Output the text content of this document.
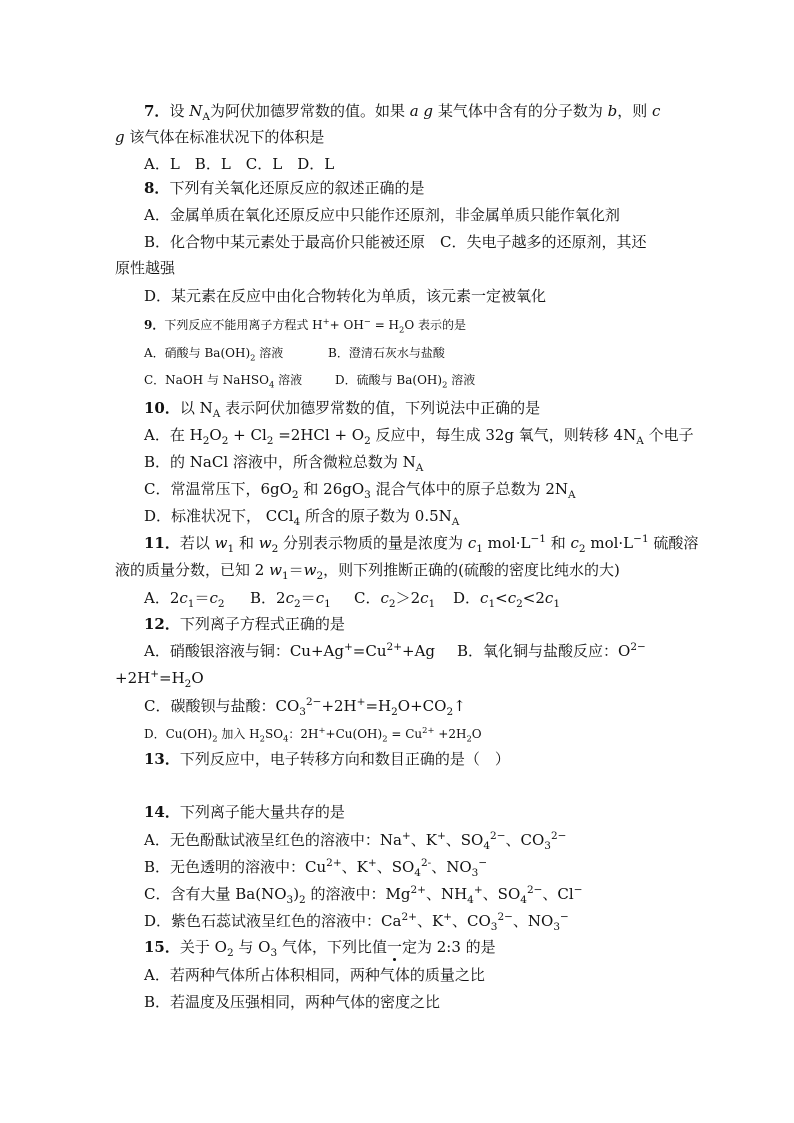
7．设 $N_A$为阿伏加德罗常数的值。如果 a g 某气体中含有的分子数为 b，则 c
g 该气体在标准状况下的体积是
A．L　B．L　C．L　D．L
8．下列有关氧化还原反应的叙述正确的是
A．金属单质在氧化还原反应中只能作还原剂，非金属单质只能作氧化剂
B．化合物中某元素处于最高价只能被还原　C．失电子越多的还原剂，其还
原性越强
D．某元素在反应中由化合物转化为单质，该元素一定被氧化
9．下列反应不能用离子方程式 $H^++ OH^- = H_2O$ 表示的是
A．硝酸与 $Ba(OH)_2$ 溶液	B．澄清石灰水与盐酸
C．NaOH 与 NaHSO$_4$ 溶液	D．硫酸与 $Ba(OH)_2$ 溶液
10．以 $N_A$ 表示阿伏加德罗常数的值，下列说法中正确的是
A．在 $H_2O_2 + Cl_2 =2HCl + O_2$ 反应中，每生成 32g 氧气，则转移 $4N_A$ 个电子
B．的 NaCl 溶液中，所含微粒总数为 $N_A$
C．常温常压下，$6gO_2$ 和 $26gO_3$ 混合气体中的原子总数为 $2N_A$
D．标准状况下， CCl$_4$ 所含的原子数为 $0.5N_A$
11．若以 $w_1$ 和 $w_2$ 分别表示物质的量是浓度为 $c_1$ $mol\cdot L^{-1}$ 和 $c_2$ $mol\cdot L^{-1}$ 硫酸溶
液的质量分数，已知 2 $w_1=w_2$，则下列推断正确的(硫酸的密度比纯水的大)
A．$2c_1=c_2$ B．$2c_2=c_1$ C．$c_2>2c_1$ D．$c_1<c_2<2c_1$
12．下列离子方程式正确的是
A．硝酸银溶液与铜：$Cu+Ag^+=Cu^{2+}+Ag$ B．氧化铜与盐酸反应：$O^{2-}$
$+2H^+=H_2O$
C．碳酸钡与盐酸：$CO_3^{2-}+2H^+=H_2O+CO_2↑$
D．$Cu(OH)_2$ 加入 $H_2SO_4$：$2H^++Cu(OH)_2 = Cu^{2+} +2H_2O$
13．下列反应中，电子转移方向和数目正确的是（　）
14．下列离子能大量共存的是
A．无色酚酞试液呈红色的溶液中：Na+、K+、$SO_4^{2-}$、$CO_3^{2-}$
B．无色透明的溶液中：$Cu^{2+}$、K+、$SO_4^{2-}$、$NO_3^-$
C．含有大量 $Ba(NO_3)_2$ 的溶液中：$Mg^{2+}$、$NH_4^+$、$SO_4^{2-}$、Cl−
D．紫色石蕊试液呈红色的溶液中：$Ca^{2+}$、K+、$CO_3^{2-}$、$NO_3^-$
15．关于 $O_2$ 与 $O_3$ 气体，下列比值一定为 2:3 的是
A．若两种气体所占体积相同，两种气体的质量之比
B．若温度及压强相同，两种气体的密度之比
